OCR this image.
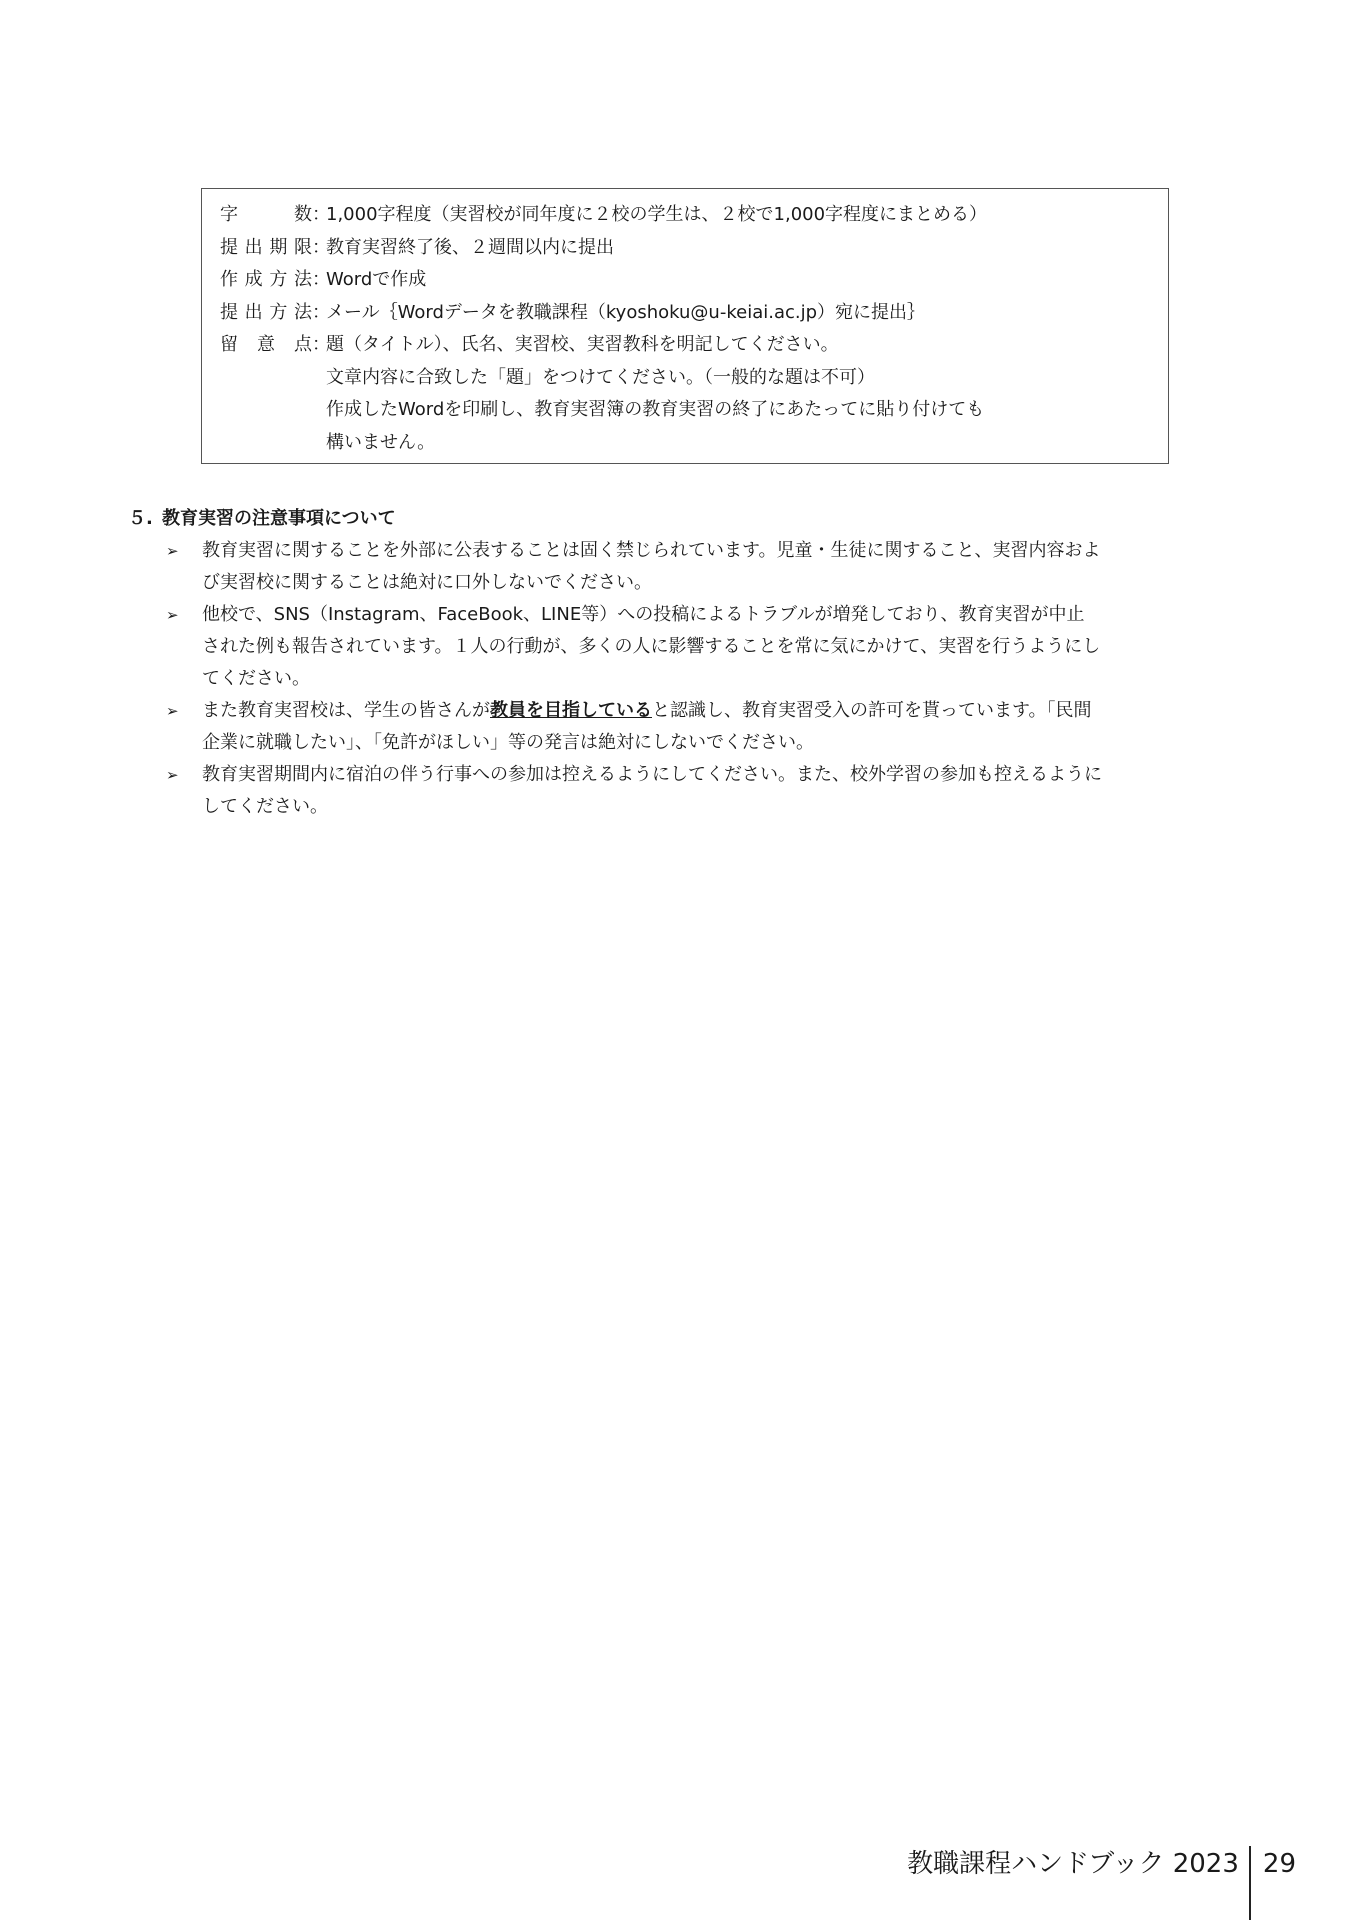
字　数 ：
1,000字程度（実習校が同年度に２校の学生は、２校で1,000字程度にまとめる）
提出期限 ：
教育実習終了後、２週間以内に提出
作成方法 ：
Wordで作成
提出方法 ：
メール｛Wordデータを教職課程（kyoshoku@u-keiai.ac.jp）宛に提出｝
留意点 ：
題（タイトル）、氏名、実習校、実習教科を明記してください。
文章内容に合致した「題」をつけてください。（一般的な題は不可）
作成したWordを印刷し、教育実習簿の教育実習の終了にあたってに貼り付けても
構いません。
５. 教育実習の注意事項について
➢	教育実習に関することを外部に公表することは固く禁じられています。児童・生徒に関すること、実習内容およ
び実習校に関することは絶対に口外しないでください。
➢	他校で、SNS（Instagram、FaceBook、LINE等）への投稿によるトラブルが増発しており、教育実習が中止
された例も報告されています。１人の行動が、多くの人に影響することを常に気にかけて、実習を行うようにし
てください。
➢	また教育実習校は、学生の皆さんが教員を目指していると認識し、教育実習受入の許可を貰っています。「民間
企業に就職したい」、「免許がほしい」等の発言は絶対にしないでください。
➢	教育実習期間内に宿泊の伴う行事への参加は控えるようにしてください。また、校外学習の参加も控えるように
してください。
教職課程ハンドブック 2023 29
